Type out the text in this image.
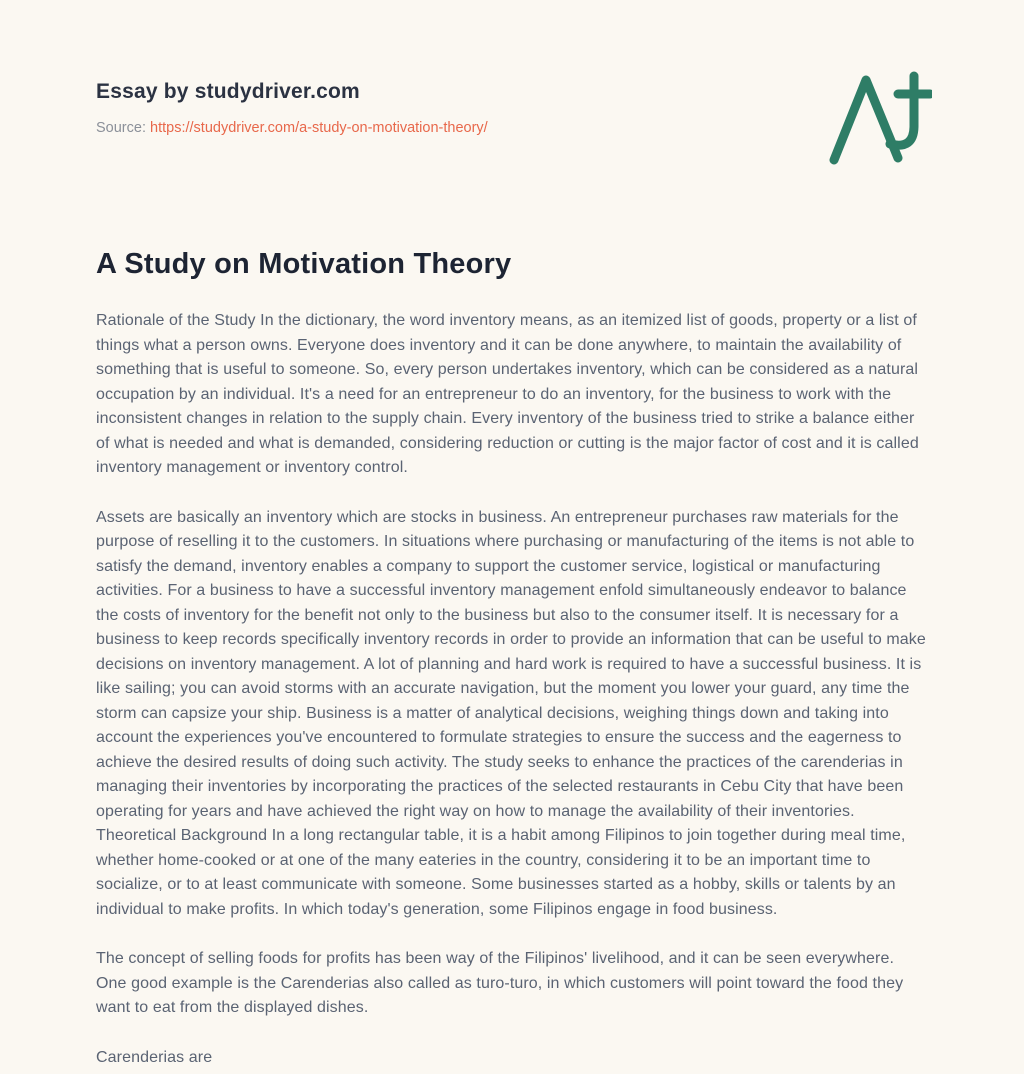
Essay by studydriver.com
Source: https://studydriver.com/a-study-on-motivation-theory/
A Study on Motivation Theory

Rationale of the Study In the dictionary, the word inventory means, as an itemized list of goods, property or a list of things what a person owns. Everyone does inventory and it can be done anywhere, to maintain the availability of something that is useful to someone. So, every person undertakes inventory, which can be considered as a natural occupation by an individual. It's a need for an entrepreneur to do an inventory, for the business to work with the inconsistent changes in relation to the supply chain. Every inventory of the business tried to strike a balance either of what is needed and what is demanded, considering reduction or cutting is the major factor of cost and it is called inventory management or inventory control.

Assets are basically an inventory which are stocks in business. An entrepreneur purchases raw materials for the purpose of reselling it to the customers. In situations where purchasing or manufacturing of the items is not able to satisfy the demand, inventory enables a company to support the customer service, logistical or manufacturing activities. For a business to have a successful inventory management enfold simultaneously endeavor to balance the costs of inventory for the benefit not only to the business but also to the consumer itself. It is necessary for a business to keep records specifically inventory records in order to provide an information that can be useful to make decisions on inventory management. A lot of planning and hard work is required to have a successful business. It is like sailing; you can avoid storms with an accurate navigation, but the moment you lower your guard, any time the storm can capsize your ship. Business is a matter of analytical decisions, weighing things down and taking into account the experiences you've encountered to formulate strategies to ensure the success and the eagerness to achieve the desired results of doing such activity. The study seeks to enhance the practices of the carenderias in managing their inventories by incorporating the practices of the selected restaurants in Cebu City that have been operating for years and have achieved the right way on how to manage the availability of their inventories. Theoretical Background In a long rectangular table, it is a habit among Filipinos to join together during meal time, whether home-cooked or at one of the many eateries in the country, considering it to be an important time to socialize, or to at least communicate with someone. Some businesses started as a hobby, skills or talents by an individual to make profits. In which today's generation, some Filipinos engage in food business.

The concept of selling foods for profits has been way of the Filipinos' livelihood, and it can be seen everywhere. One good example is the Carenderias also called as turo-turo, in which customers will point toward the food they want to eat from the displayed dishes.

Carenderias are
